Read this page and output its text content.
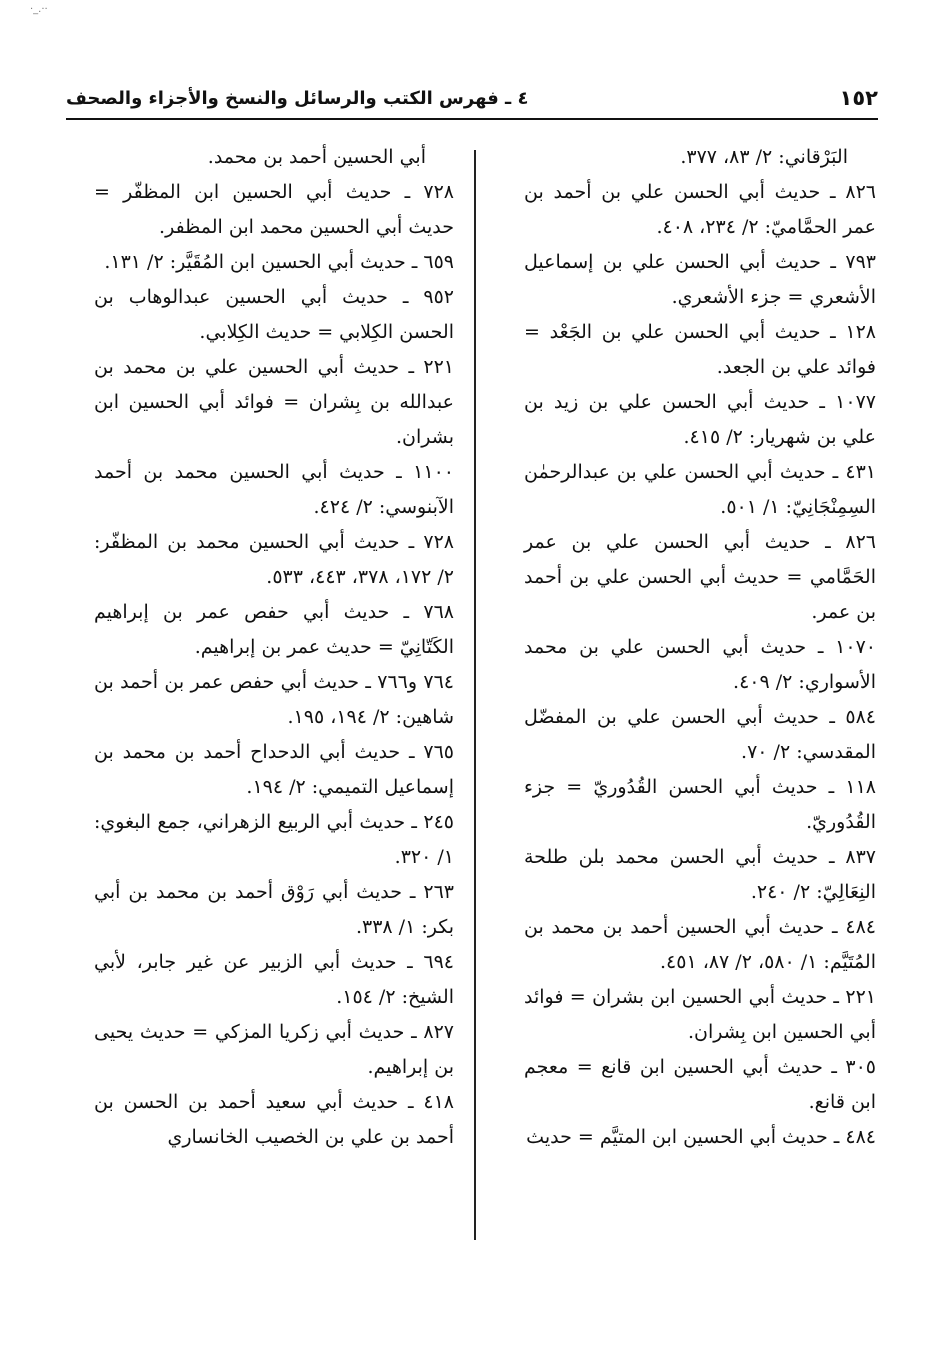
·_.··
١٥٢
٤ ـ فهرس الكتب والرسائل والنسخ والأجزاء والصحف

البَرْقاني: ٢/ ٨٣، ٣٧٧.

٨٢٦ ـ حديث أبي الحسن علي بن أحمد بن عمر الحمَّاميّ: ٢/ ٢٣٤، ٤٠٨.

٧٩٣ ـ حديث أبي الحسن علي بن إسماعيل الأشعري = جزء الأشعري.

١٢٨ ـ حديث أبي الحسن علي بن الجَعْد = فوائد علي بن الجعد.

١٠٧٧ ـ حديث أبي الحسن علي بن زيد بن علي بن شهريار: ٢/ ٤١٥.

٤٣١ ـ حديث أبي الحسن علي بن عبدالرحمٰن السِمِنْجَانِيّ: ١/ ٥٠١.

٨٢٦ ـ حديث أبي الحسن علي بن عمر الحَمَّامي = حديث أبي الحسن علي بن أحمد بن عمر.

١٠٧٠ ـ حديث أبي الحسن علي بن محمد الأسواري: ٢/ ٤٠٩.

٥٨٤ ـ حديث أبي الحسن علي بن المفضّل المقدسي: ٢/ ٧٠.

١١٨ ـ حديث أبي الحسن القُدُوريّ = جزء القُدُوريّ.

٨٣٧ ـ حديث أبي الحسن محمد بلن طلحة النِعَالِيّ: ٢/ ٢٤٠.

٤٨٤ ـ حديث أبي الحسين أحمد بن محمد بن المُتَيَّم: ١/ ٥٨٠، ٢/ ٨٧، ٤٥١.

٢٢١ ـ حديث أبي الحسين ابن بشران = فوائد أبي الحسين ابن بِشران.

٣٠٥ ـ حديث أبي الحسين ابن قانع = معجم ابن قانع.

٤٨٤ ـ حديث أبي الحسين ابن المتيَّم = حديث

أبي الحسين أحمد بن محمد.

٧٢٨ ـ حديث أبي الحسين ابن المظفّر = حديث أبي الحسين محمد ابن المظفر.

٦٥٩ ـ حديث أبي الحسين ابن المُقَيَّر: ٢/ ١٣١.

٩٥٢ ـ حديث أبي الحسين عبدالوهاب بن الحسن الكِلابي = حديث الكِلابي.

٢٢١ ـ حديث أبي الحسين علي بن محمد بن عبدالله بن بِشران = فوائد أبي الحسين ابن بشران.

١١٠٠ ـ حديث أبي الحسين محمد بن أحمد الآبنوسي: ٢/ ٤٢٤.

٧٢٨ ـ حديث أبي الحسين محمد بن المظفّر: ٢/ ١٧٢، ٣٧٨، ٤٤٣، ٥٣٣.

٧٦٨ ـ حديث أبي حفص عمر بن إبراهيم الكَتّانِيّ = حديث عمر بن إبراهيم.

٧٦٤ و٧٦٦ ـ حديث أبي حفص عمر بن أحمد بن شاهين: ٢/ ١٩٤، ١٩٥.

٧٦٥ ـ حديث أبي الدحداح أحمد بن محمد بن إسماعيل التميمي: ٢/ ١٩٤.

٢٤٥ ـ حديث أبي الربيع الزهراني، جمع البغوي: ١/ ٣٢٠.

٢٦٣ ـ حديث أبي رَوْق أحمد بن محمد بن أبي بكر: ١/ ٣٣٨.

٦٩٤ ـ حديث أبي الزبير عن غير جابر، لأبي الشيخ: ٢/ ١٥٤.

٨٢٧ ـ حديث أبي زكريا المزكي = حديث يحيى بن إبراهيم.

٤١٨ ـ حديث أبي سعيد أحمد بن الحسن بن أحمد بن علي بن الخصيب الخانساري
